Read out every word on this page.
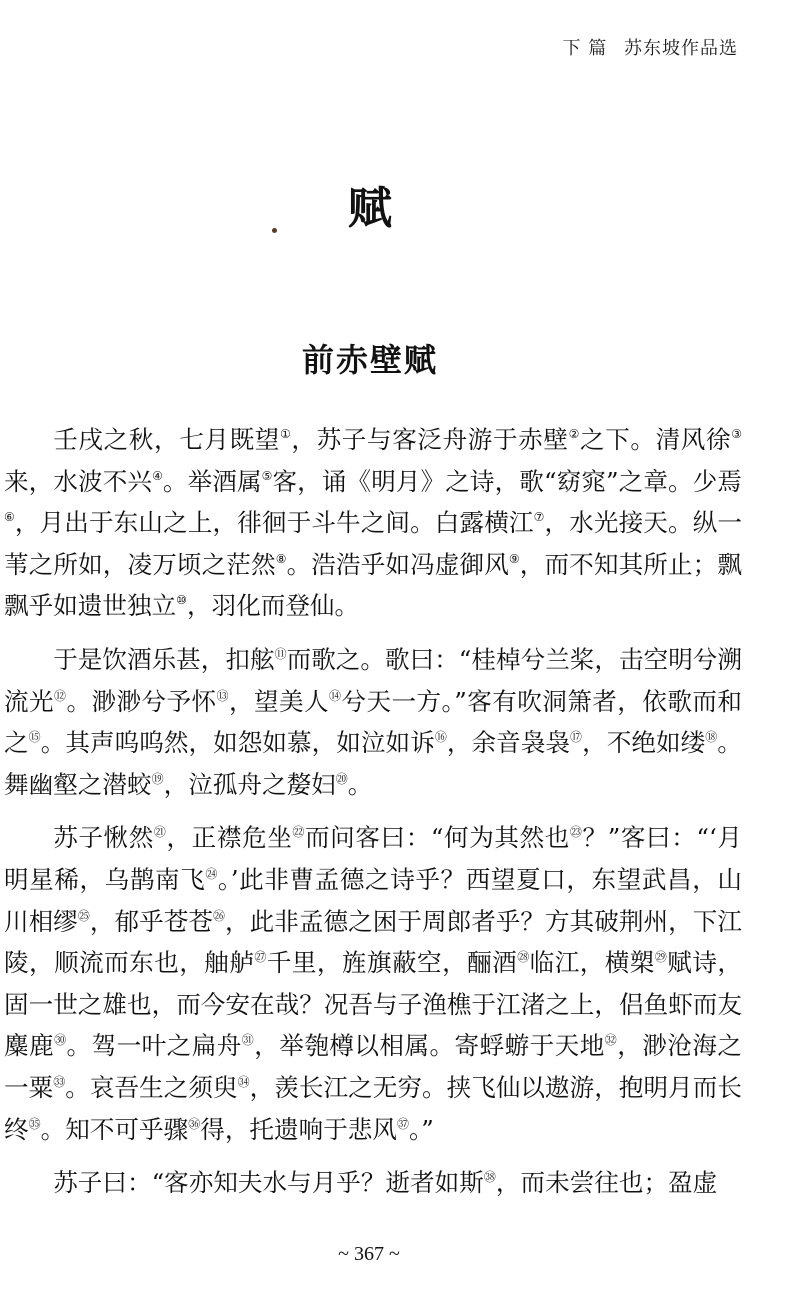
下 篇 苏东坡作品选
赋
前赤壁赋

壬戌之秋，七月既望①，苏子与客泛舟游于赤壁②之下。清风徐③来，水波不兴④。举酒属⑤客，诵《明月》之诗，歌“窈窕”之章。少焉⑥，月出于东山之上，徘徊于斗牛之间。白露横江⑦，水光接天。纵一苇之所如，凌万顷之茫然⑧。浩浩乎如冯虚御风⑨，而不知其所止；飘飘乎如遗世独立⑩，羽化而登仙。

于是饮酒乐甚，扣舷⑪而歌之。歌曰：“桂棹兮兰桨，击空明兮溯流光⑫。渺渺兮予怀⑬，望美人⑭兮天一方。”客有吹洞箫者，依歌而和之⑮。其声呜呜然，如怨如慕，如泣如诉⑯，余音袅袅⑰，不绝如缕⑱。舞幽壑之潜蛟⑲，泣孤舟之嫠妇⑳。

苏子愀然$^㉑$，正襟危坐$^㉒$而问客曰：“何为其然也$^㉓$？”客曰：“‘月明星稀，乌鹊南飞$^㉔$。’此非曹孟德之诗乎？西望夏口，东望武昌，山川相缪$^㉕$，郁乎苍苍$^㉖$，此非孟德之困于周郎者乎？方其破荆州，下江陵，顺流而东也，舳舻$^㉗$千里，旌旗蔽空，酾酒$^㉘$临江，横槊$^㉙$赋诗，固一世之雄也，而今安在哉？况吾与子渔樵于江渚之上，侣鱼虾而友麋鹿$^㉚$。驾一叶之扁舟$^㉛$，举匏樽以相属。寄蜉蝣于天地$^㉜$，渺沧海之一粟$^㉝$。哀吾生之须臾$^㉞$，羡长江之无穷。挟飞仙以遨游，抱明月而长终$^㉟$。知不可乎骤$^㊱$得，托遗响于悲风$^㊲$。”

苏子曰：“客亦知夫水与月乎？逝者如斯$^㊳$，而未尝往也；盈虚

~ 367 ~
